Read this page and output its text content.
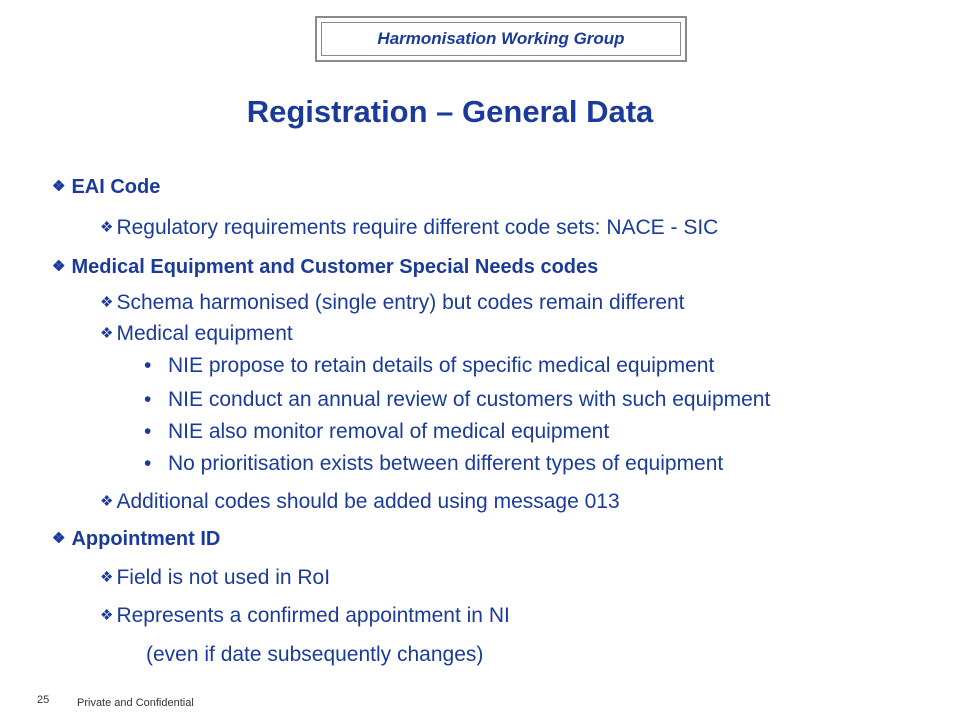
Harmonisation Working Group
Registration – General Data
❖ EAI Code
❖ Regulatory requirements require different code sets: NACE - SIC
❖ Medical Equipment and Customer Special Needs codes
❖ Schema harmonised (single entry) but codes remain different
❖ Medical equipment
• NIE propose to retain details of specific medical equipment
• NIE conduct an annual review of customers with such equipment
• NIE also monitor removal of medical equipment
• No prioritisation exists between different types of equipment
❖ Additional codes should be added using message 013
❖ Appointment ID
❖ Field is not used in RoI
❖ Represents a confirmed appointment in NI
(even if date subsequently changes)
25	Private and Confidential
